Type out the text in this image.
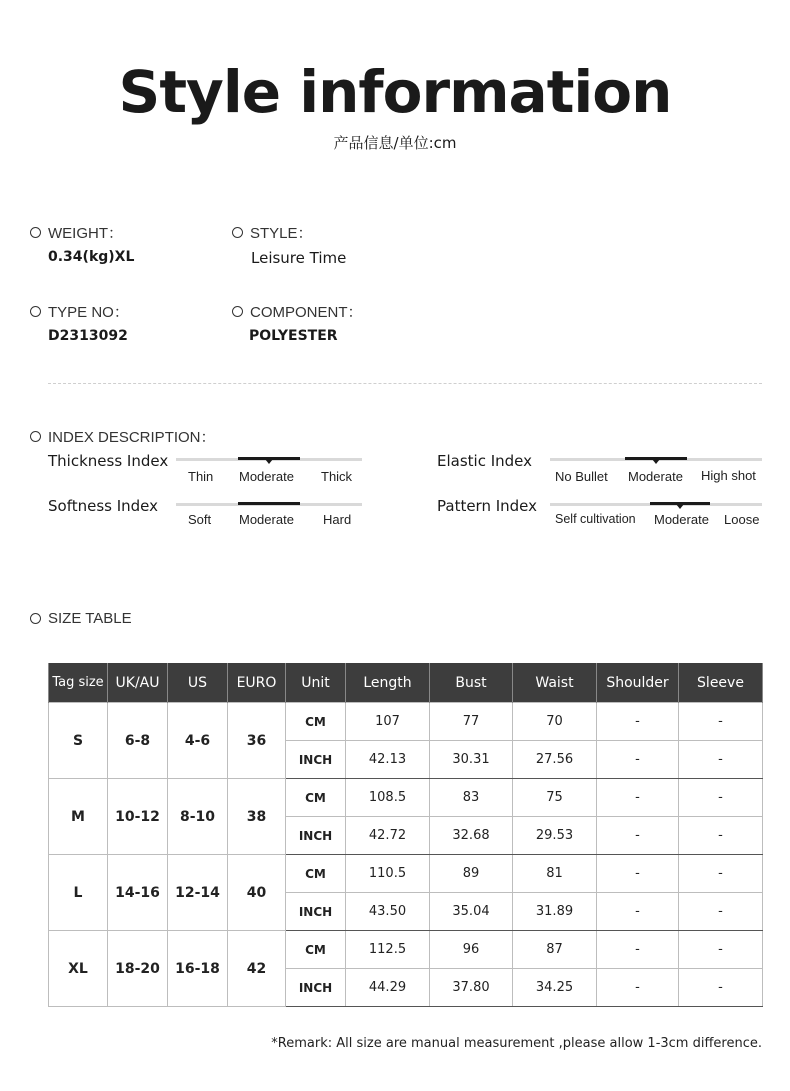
Style information
产品信息/单位:cm
WEIGHT：
0.34(kg)XL
STYLE：
Leisure Time
TYPE NO：
D2313092
COMPONENT：
POLYESTER
INDEX DESCRIPTION：
Thickness Index
Thin Moderate Thick
Elastic Index
No Bullet Moderate High shot
Softness Index
Soft Moderate Hard
Pattern Index
Self cultivation Moderate Loose
SIZE TABLE
Tag size	UK/AU	US	EURO	Unit	Length	Bust	Waist	Shoulder	Sleeve
S	6-8	4-6	36	CM	107	77	70	-	-
				INCH	42.13	30.31	27.56	-	-
M	10-12	8-10	38	CM	108.5	83	75	-	-
				INCH	42.72	32.68	29.53	-	-
L	14-16	12-14	40	CM	110.5	89	81	-	-
				INCH	43.50	35.04	31.89	-	-
XL	18-20	16-18	42	CM	112.5	96	87	-	-
				INCH	44.29	37.80	34.25	-	-
*Remark: All size are manual measurement ,please allow 1-3cm difference.
